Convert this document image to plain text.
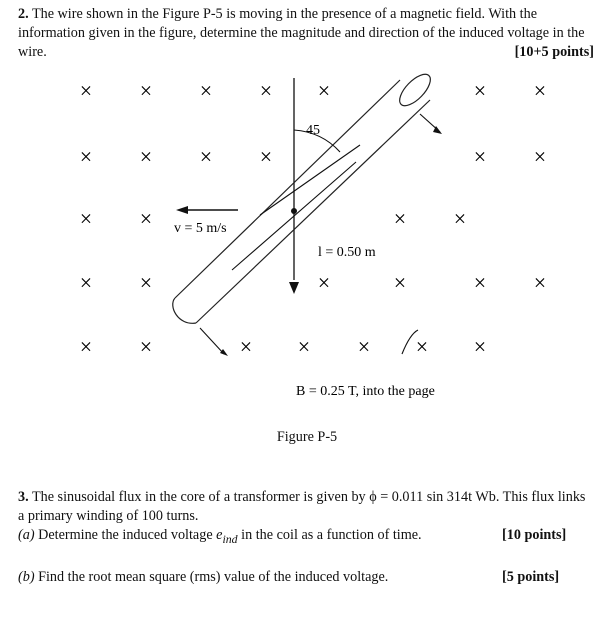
2. The wire shown in the Figure P-5 is moving in the presence of a magnetic field. With the information given in the figure, determine the magnitude and direction of the induced voltage in the wire.	[10+5 points]
× × × × ×	× ×
× × × ×	× ×
× ×	× ×
× ×	×	×	× ×
× ×	× × × × ×
45
v = 5 m/s
l = 0.50 m
B = 0.25 T, into the page
Figure P-5
3. The sinusoidal flux in the core of a transformer is given by ϕ = 0.011 sin 314t Wb. This flux links a primary winding of 100 turns.
(a) Determine the induced voltage $e_{ind}$ in the coil as a function of time.	[10 points]
(b) Find the root mean square (rms) value of the induced voltage.	[5 points]
